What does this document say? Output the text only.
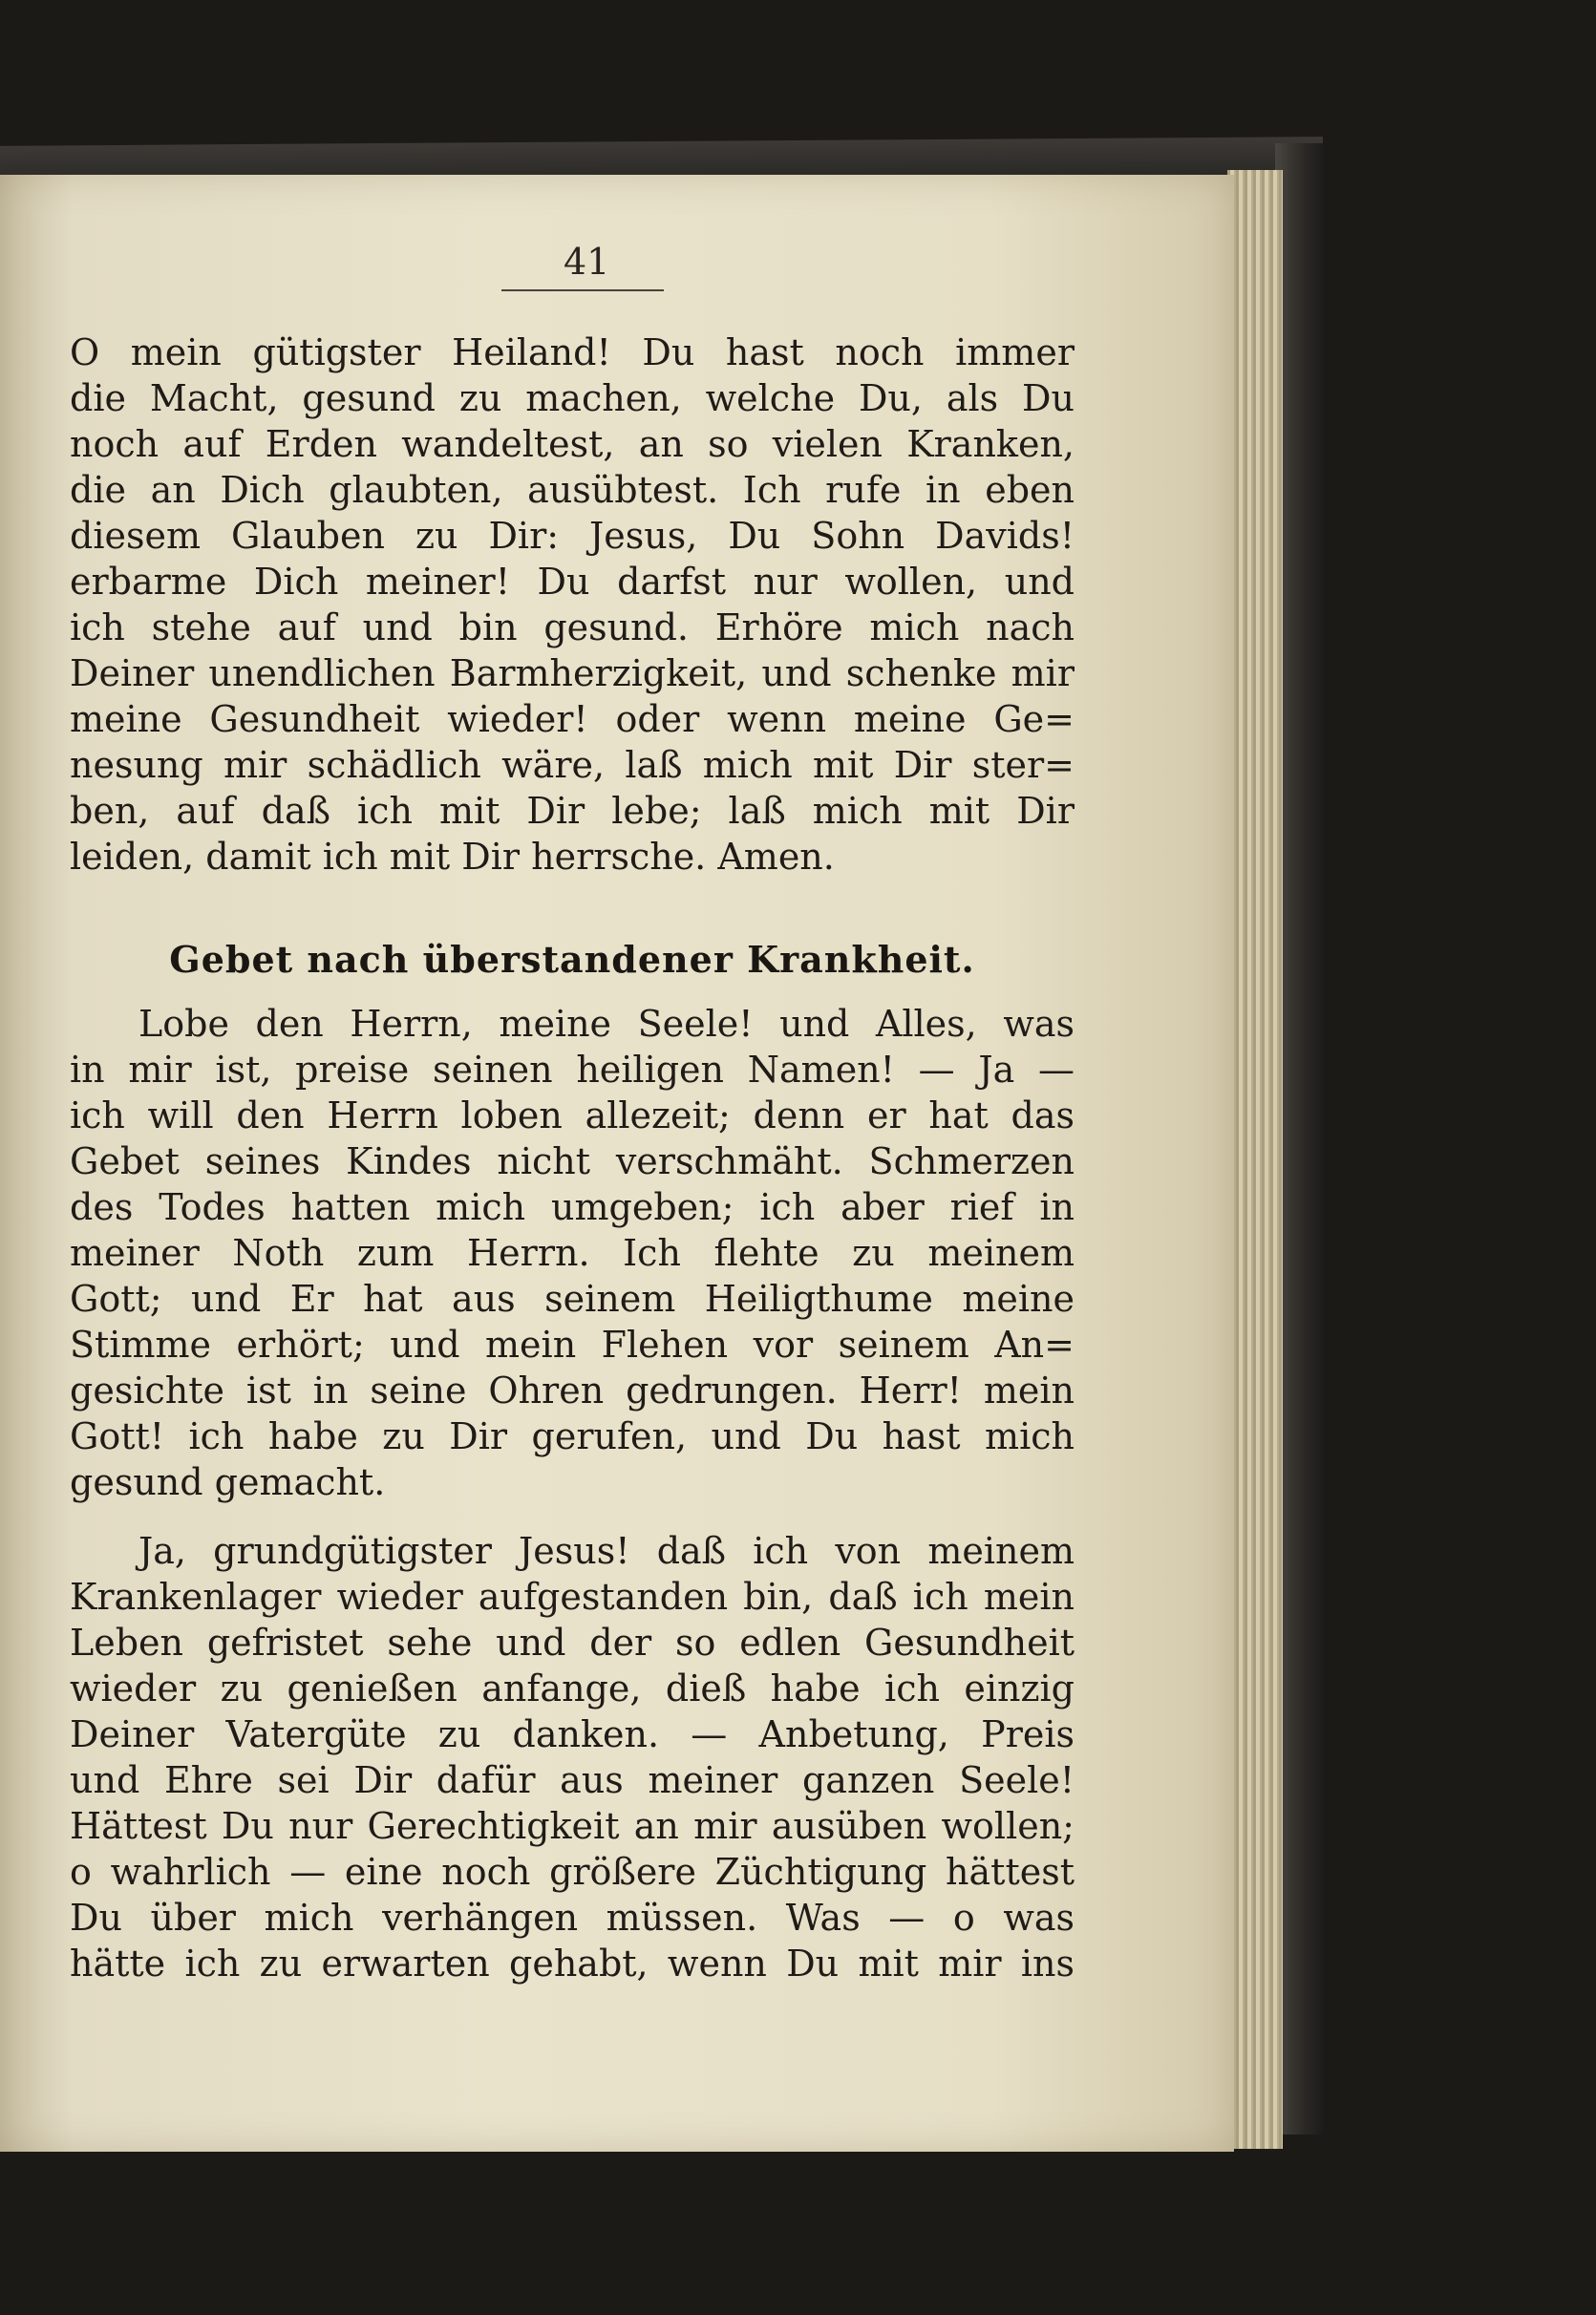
41
O mein gütigster Heiland! Du hast noch immer
die Macht, gesund zu machen, welche Du, als Du
noch auf Erden wandeltest, an so vielen Kranken,
die an Dich glaubten, ausübtest. Ich rufe in eben
diesem Glauben zu Dir: Jesus, Du Sohn Davids!
erbarme Dich meiner! Du darfst nur wollen, und
ich stehe auf und bin gesund. Erhöre mich nach
Deiner unendlichen Barmherzigkeit, und schenke mir
meine Gesundheit wieder! oder wenn meine Ge=
nesung mir schädlich wäre, laß mich mit Dir ster=
ben, auf daß ich mit Dir lebe; laß mich mit Dir
leiden, damit ich mit Dir herrsche. Amen.
Gebet nach überstandener Krankheit.
Lobe den Herrn, meine Seele! und Alles, was
in mir ist, preise seinen heiligen Namen! — Ja —
ich will den Herrn loben allezeit; denn er hat das
Gebet seines Kindes nicht verschmäht. Schmerzen
des Todes hatten mich umgeben; ich aber rief in
meiner Noth zum Herrn. Ich flehte zu meinem
Gott; und Er hat aus seinem Heiligthume meine
Stimme erhört; und mein Flehen vor seinem An=
gesichte ist in seine Ohren gedrungen. Herr! mein
Gott! ich habe zu Dir gerufen, und Du hast mich
gesund gemacht.
Ja, grundgütigster Jesus! daß ich von meinem
Krankenlager wieder aufgestanden bin, daß ich mein
Leben gefristet sehe und der so edlen Gesundheit
wieder zu genießen anfange, dieß habe ich einzig
Deiner Vatergüte zu danken. — Anbetung, Preis
und Ehre sei Dir dafür aus meiner ganzen Seele!
Hättest Du nur Gerechtigkeit an mir ausüben wollen;
o wahrlich — eine noch größere Züchtigung hättest
Du über mich verhängen müssen. Was — o was
hätte ich zu erwarten gehabt, wenn Du mit mir ins
